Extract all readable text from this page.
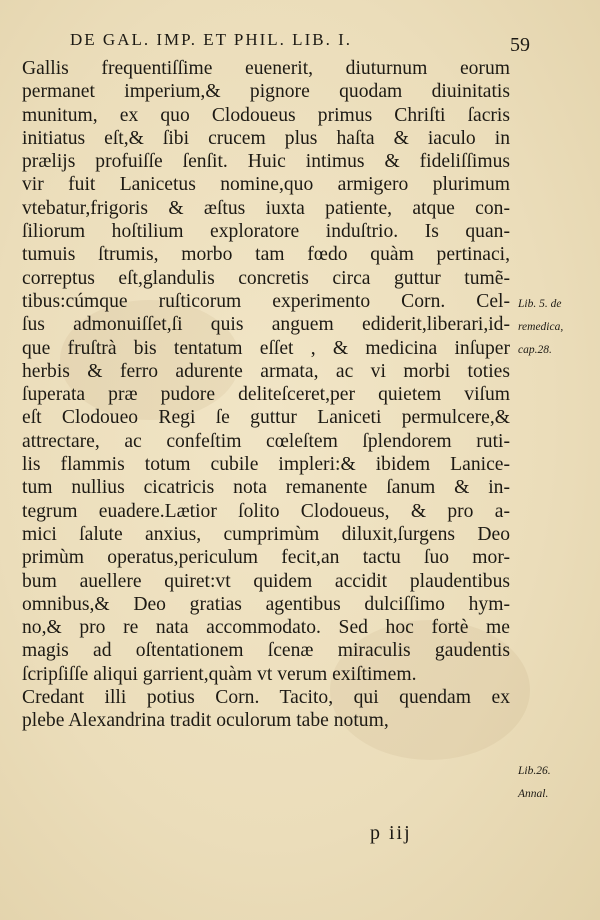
DE GAL. IMP. ET PHIL. LIB. I.	59
Gallis frequentiſſime euenerit, diuturnum eorum
permanet imperium,& pignore quodam diuinitatis
munitum, ex quo Clodoueus primus Chriſti ſacris
initiatus eſt,& ſibi crucem plus haſta & iaculo in
prælijs profuiſſe ſenſit. Huic intimus & fideliſſimus
vir fuit Lanicetus nomine,quo armigero plurimum
vtebatur,frigoris & æſtus iuxta patiente, atque con-
ſiliorum hoſtilium exploratore induſtrio. Is quan-
tumuis ſtrumis, morbo tam fœdo quàm pertinaci,
correptus eſt,glandulis concretis circa guttur tumẽ-
tibus:cúmque ruſticorum experimento Corn. Cel-
ſus admonuiſſet,ſi quis anguem ediderit,liberari,id-
que fruſtrà bis tentatum eſſet , & medicina inſuper
herbis & ferro adurente armata, ac vi morbi toties
ſuperata præ pudore deliteſceret,per quietem viſum
eſt Clodoueo Regi ſe guttur Laniceti permulcere,&
attrectare, ac confeſtim cœleſtem ſplendorem ruti-
lis flammis totum cubile impleri:& ibidem Lanice-
tum nullius cicatricis nota remanente ſanum & in-
tegrum euadere.Lætior ſolito Clodoueus, & pro a-
mici ſalute anxius, cumprimùm diluxit,ſurgens Deo
primùm operatus,periculum fecit,an tactu ſuo mor-
bum auellere quiret:vt quidem accidit plaudentibus
omnibus,& Deo gratias agentibus dulciſſimo hym-
no,& pro re nata accommodato. Sed hoc fortè me
magis ad oſtentationem ſcenæ miraculis gaudentis
ſcripſiſſe aliqui garrient,quàm vt verum exiſtimem.
Credant illi potius Corn. Tacito, qui quendam ex
plebe Alexandrina tradit oculorum tabe notum,
Lib. 5. de
remedica,
cap.28.
Lib.26.
Annal.
p iij
